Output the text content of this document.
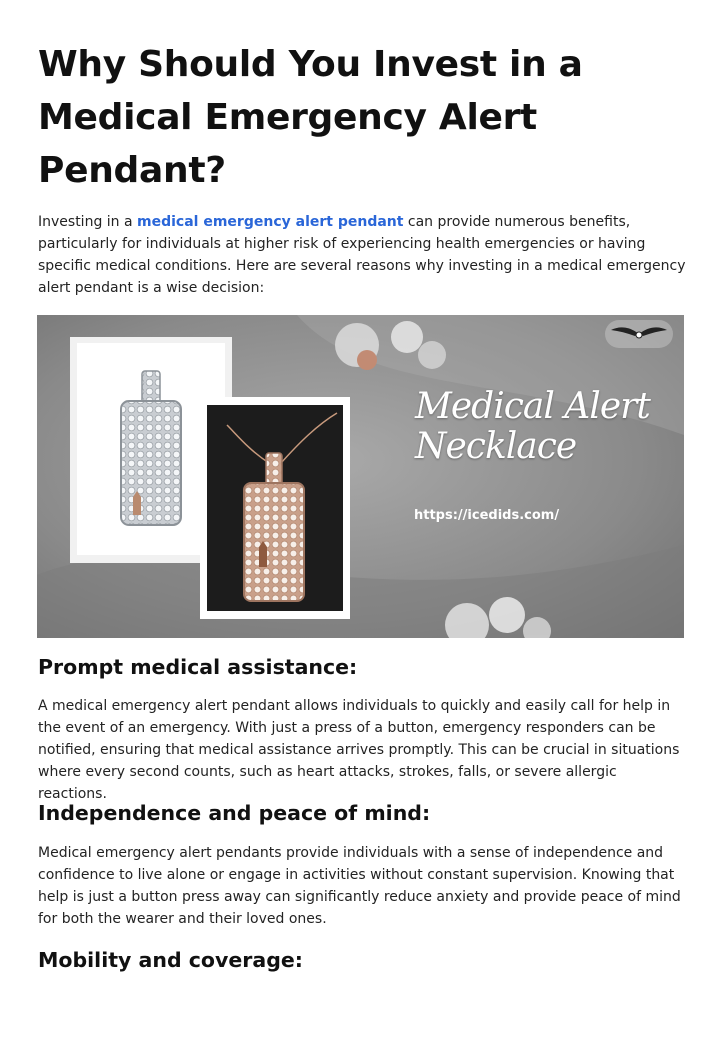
Why Should You Invest in a Medical Emergency Alert Pendant?

Investing in a medical emergency alert pendant can provide numerous benefits, particularly for individuals at higher risk of experiencing health emergencies or having specific medical conditions. Here are several reasons why investing in a medical emergency alert pendant is a wise decision:

Medical Alert
Necklace
https://icedids.com/
Prompt medical assistance:

A medical emergency alert pendant allows individuals to quickly and easily call for help in the event of an emergency. With just a press of a button, emergency responders can be notified, ensuring that medical assistance arrives promptly. This can be crucial in situations where every second counts, such as heart attacks, strokes, falls, or severe allergic reactions.

Independence and peace of mind:

Medical emergency alert pendants provide individuals with a sense of independence and confidence to live alone or engage in activities without constant supervision. Knowing that help is just a button press away can significantly reduce anxiety and provide peace of mind for both the wearer and their loved ones.

Mobility and coverage:
